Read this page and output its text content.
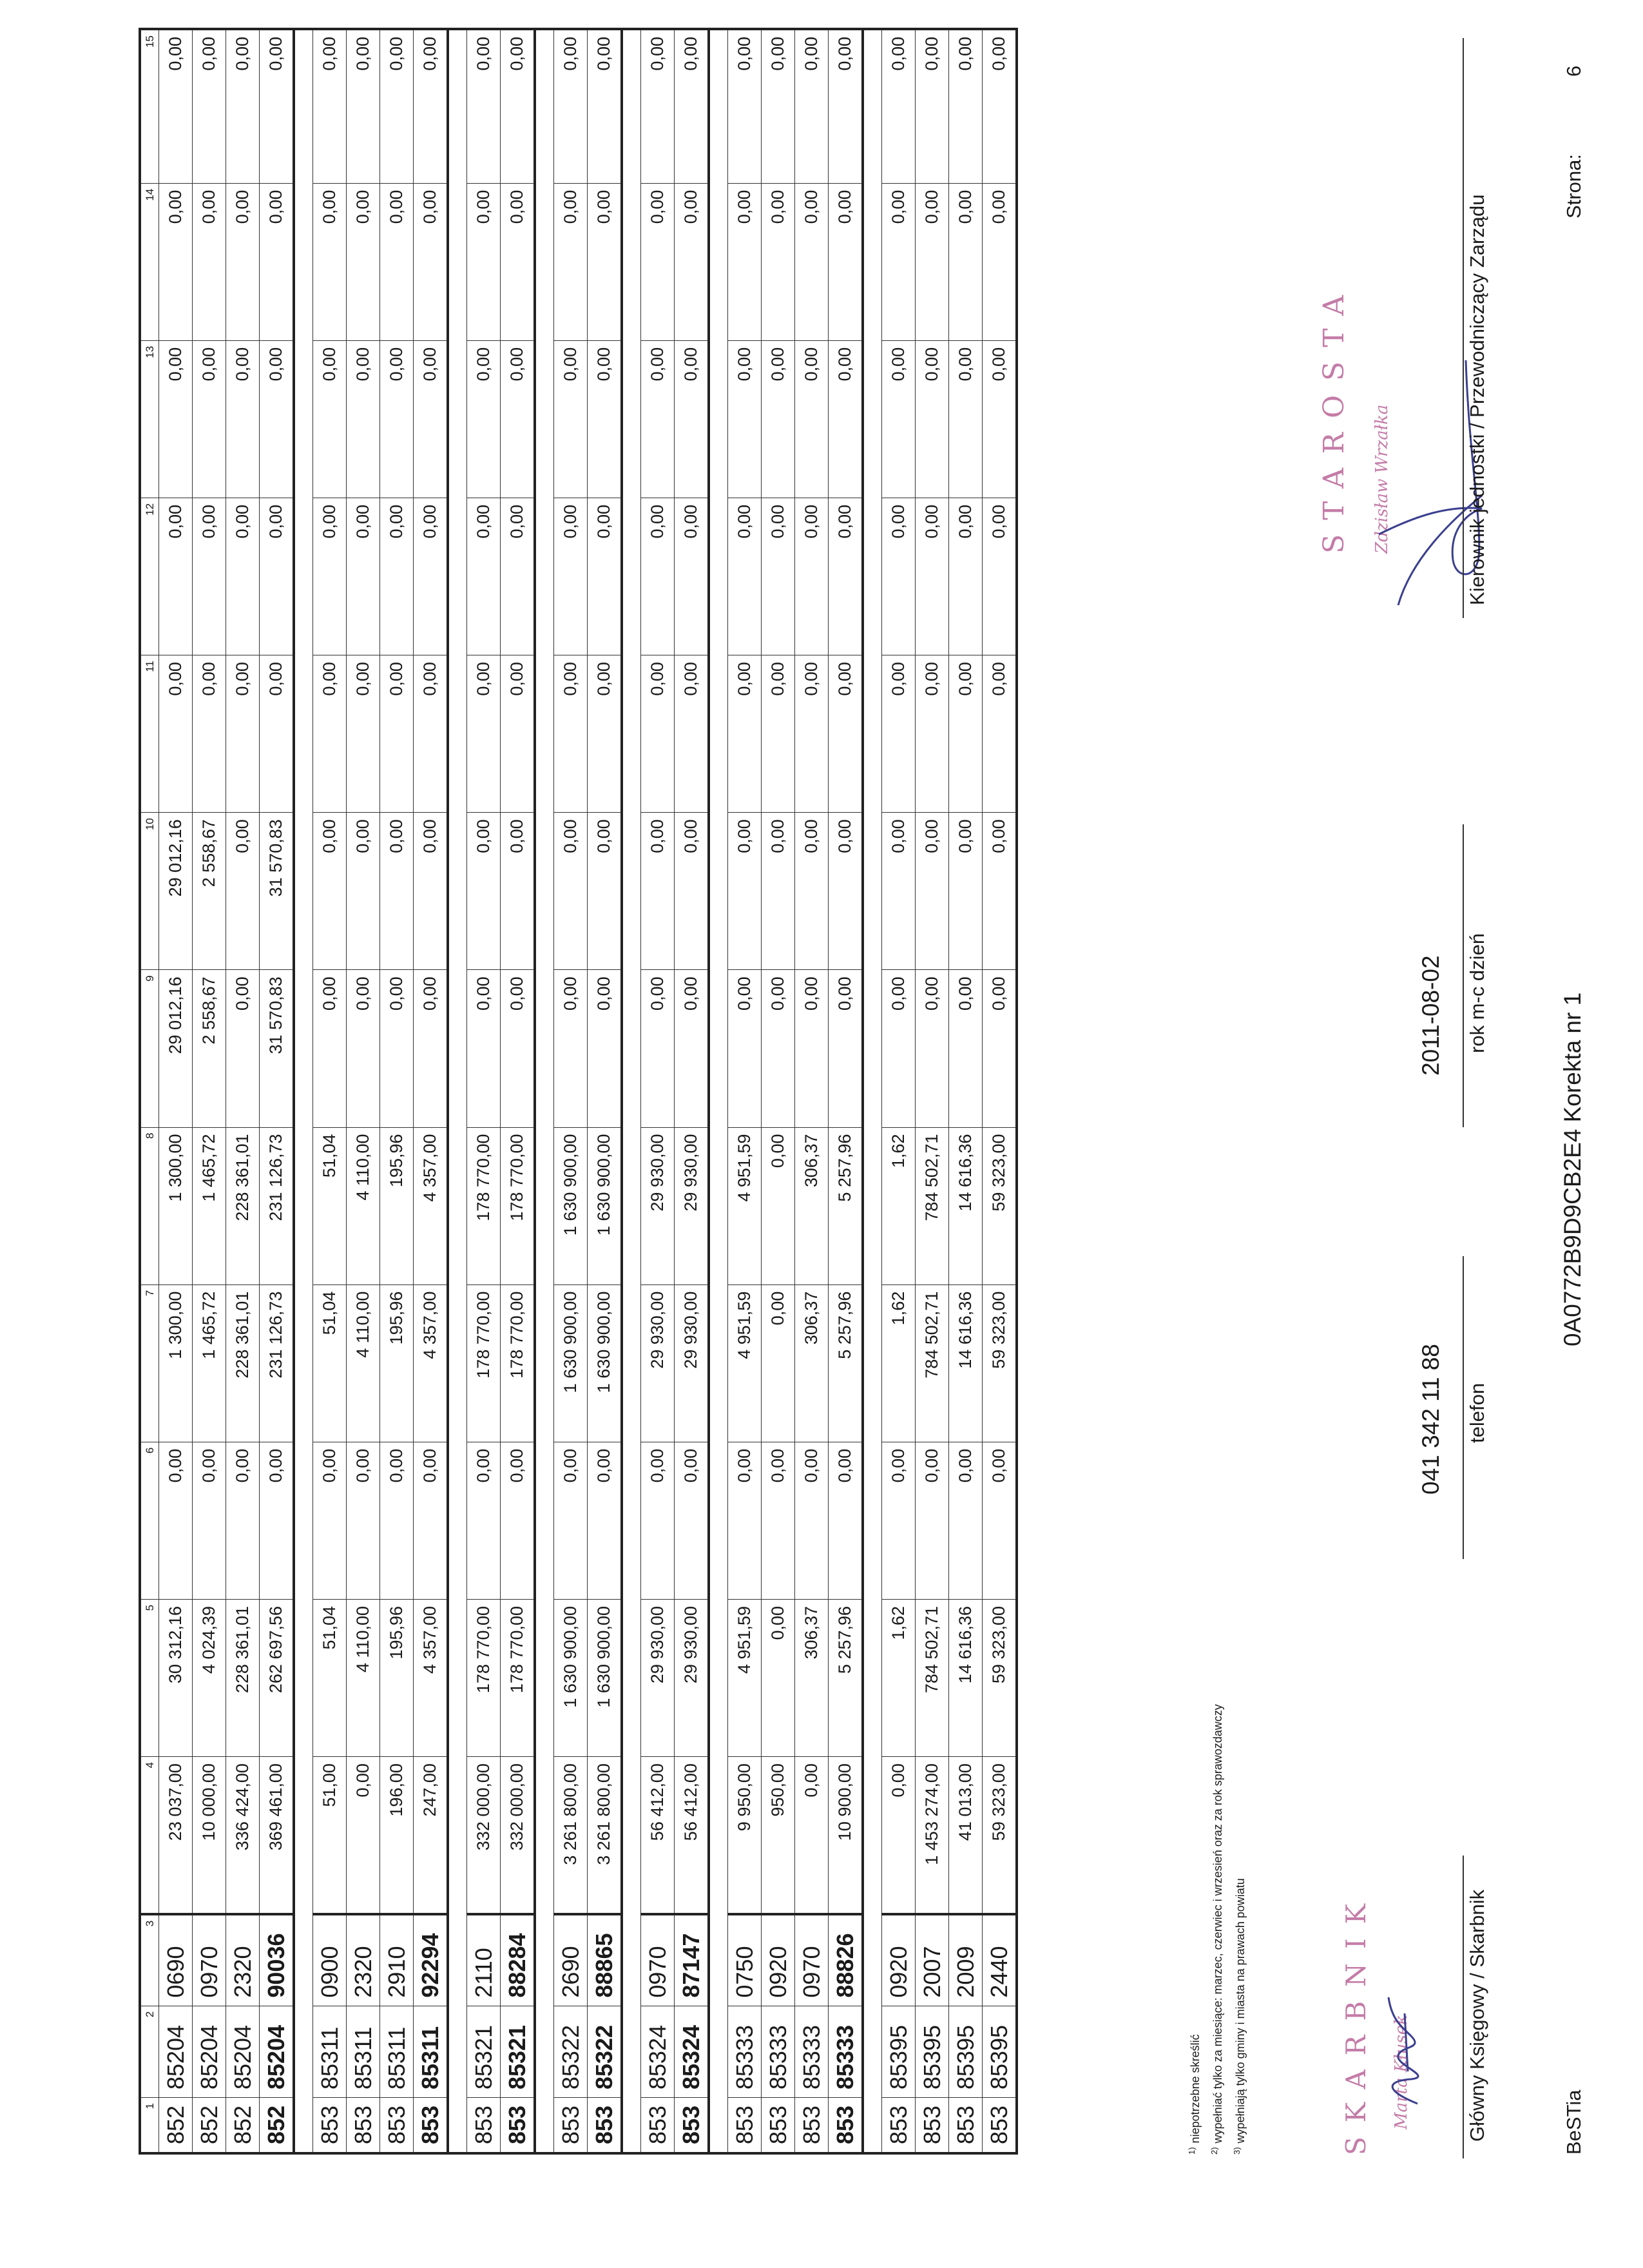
1	2	3	4	5	6	7	8	9	10	11	12	13	14	15
852	85204	0690	23 037,00	30 312,16	0,00	1 300,00	1 300,00	29 012,16	29 012,16	0,00	0,00	0,00	0,00	0,00
852	85204	0970	10 000,00	4 024,39	0,00	1 465,72	1 465,72	2 558,67	2 558,67	0,00	0,00	0,00	0,00	0,00
852	85204	2320	336 424,00	228 361,01	0,00	228 361,01	228 361,01	0,00	0,00	0,00	0,00	0,00	0,00	0,00
852	85204	90036	369 461,00	262 697,56	0,00	231 126,73	231 126,73	31 570,83	31 570,83	0,00	0,00	0,00	0,00	0,00

853	85311	0900	51,00	51,04	0,00	51,04	51,04	0,00	0,00	0,00	0,00	0,00	0,00	0,00
853	85311	2320	0,00	4 110,00	0,00	4 110,00	4 110,00	0,00	0,00	0,00	0,00	0,00	0,00	0,00
853	85311	2910	196,00	195,96	0,00	195,96	195,96	0,00	0,00	0,00	0,00	0,00	0,00	0,00
853	85311	92294	247,00	4 357,00	0,00	4 357,00	4 357,00	0,00	0,00	0,00	0,00	0,00	0,00	0,00

853	85321	2110	332 000,00	178 770,00	0,00	178 770,00	178 770,00	0,00	0,00	0,00	0,00	0,00	0,00	0,00
853	85321	88284	332 000,00	178 770,00	0,00	178 770,00	178 770,00	0,00	0,00	0,00	0,00	0,00	0,00	0,00

853	85322	2690	3 261 800,00	1 630 900,00	0,00	1 630 900,00	1 630 900,00	0,00	0,00	0,00	0,00	0,00	0,00	0,00
853	85322	88865	3 261 800,00	1 630 900,00	0,00	1 630 900,00	1 630 900,00	0,00	0,00	0,00	0,00	0,00	0,00	0,00

853	85324	0970	56 412,00	29 930,00	0,00	29 930,00	29 930,00	0,00	0,00	0,00	0,00	0,00	0,00	0,00
853	85324	87147	56 412,00	29 930,00	0,00	29 930,00	29 930,00	0,00	0,00	0,00	0,00	0,00	0,00	0,00

853	85333	0750	9 950,00	4 951,59	0,00	4 951,59	4 951,59	0,00	0,00	0,00	0,00	0,00	0,00	0,00
853	85333	0920	950,00	0,00	0,00	0,00	0,00	0,00	0,00	0,00	0,00	0,00	0,00	0,00
853	85333	0970	0,00	306,37	0,00	306,37	306,37	0,00	0,00	0,00	0,00	0,00	0,00	0,00
853	85333	88826	10 900,00	5 257,96	0,00	5 257,96	5 257,96	0,00	0,00	0,00	0,00	0,00	0,00	0,00

853	85395	0920	0,00	1,62	0,00	1,62	1,62	0,00	0,00	0,00	0,00	0,00	0,00	0,00
853	85395	2007	1 453 274,00	784 502,71	0,00	784 502,71	784 502,71	0,00	0,00	0,00	0,00	0,00	0,00	0,00
853	85395	2009	41 013,00	14 616,36	0,00	14 616,36	14 616,36	0,00	0,00	0,00	0,00	0,00	0,00	0,00
853	85395	2440	59 323,00	59 323,00	0,00	59 323,00	59 323,00	0,00	0,00	0,00	0,00	0,00	0,00	0,00
$^{1)}$niepotrzebne skreślić
$^{2)}$wypełniać tylko za miesiące: marzec, czerwiec i wrzesień oraz za rok sprawozdawczy
$^{3)}$wypełniają tylko gminy i miasta na prawach powiatu	SKARBNIK Marta Kłusek	Główny Księgowy / Skarbnik
041 342 11 88 telefon
2011-08-02 rok m-c dzień
STAROSTA Zdzisław Wrzałka	Kierownik jednostki / Przewodniczący Zarządu
BeSTia
0A0772B9D9CB2E4 Korekta nr 1
Strona:
6
